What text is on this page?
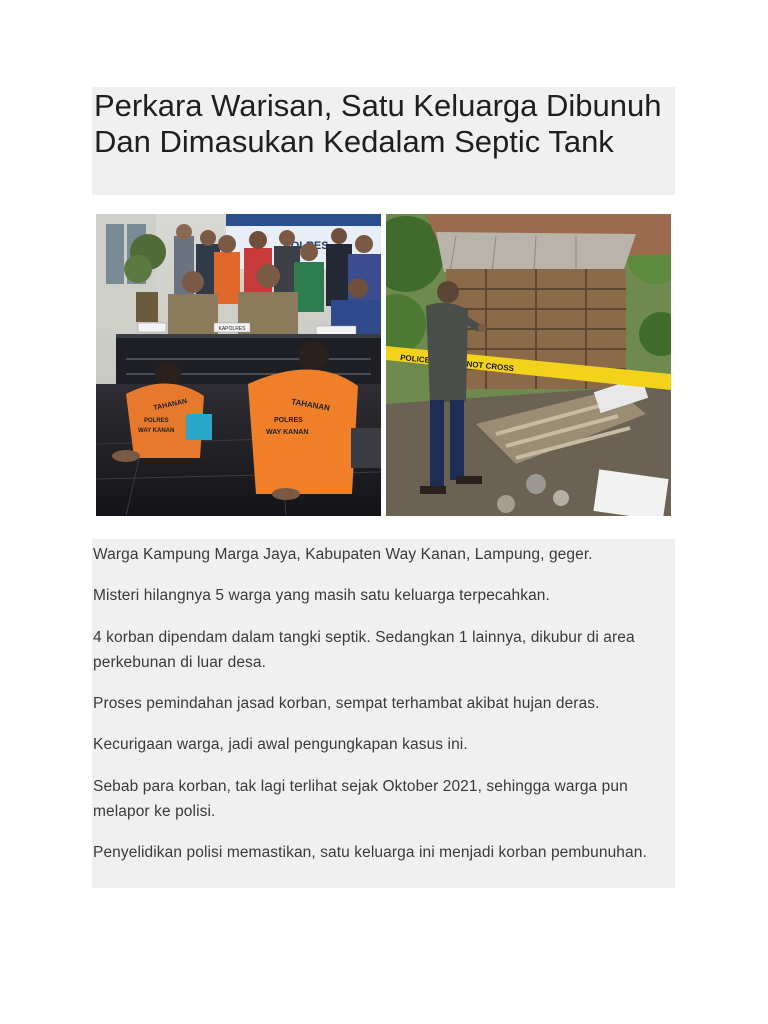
Perkara Warisan, Satu Keluarga Dibunuh Dan Dimasukan Kedalam Septic Tank
KAPOLRES
TAHANAN
POLRES
WAY KANAN
TAHANAN
POLRES
WAY KANAN
POLICE NOT CROSS

Warga Kampung Marga Jaya, Kabupaten Way Kanan, Lampung, geger.

Misteri hilangnya 5 warga yang masih satu keluarga terpecahkan.

4 korban dipendam dalam tangki septik. Sedangkan 1 lainnya, dikubur di area perkebunan di luar desa.

Proses pemindahan jasad korban, sempat terhambat akibat hujan deras.

Kecurigaan warga, jadi awal pengungkapan kasus ini.

Sebab para korban, tak lagi terlihat sejak Oktober 2021, sehingga warga pun melapor ke polisi.

Penyelidikan polisi memastikan, satu keluarga ini menjadi korban pembunuhan.
